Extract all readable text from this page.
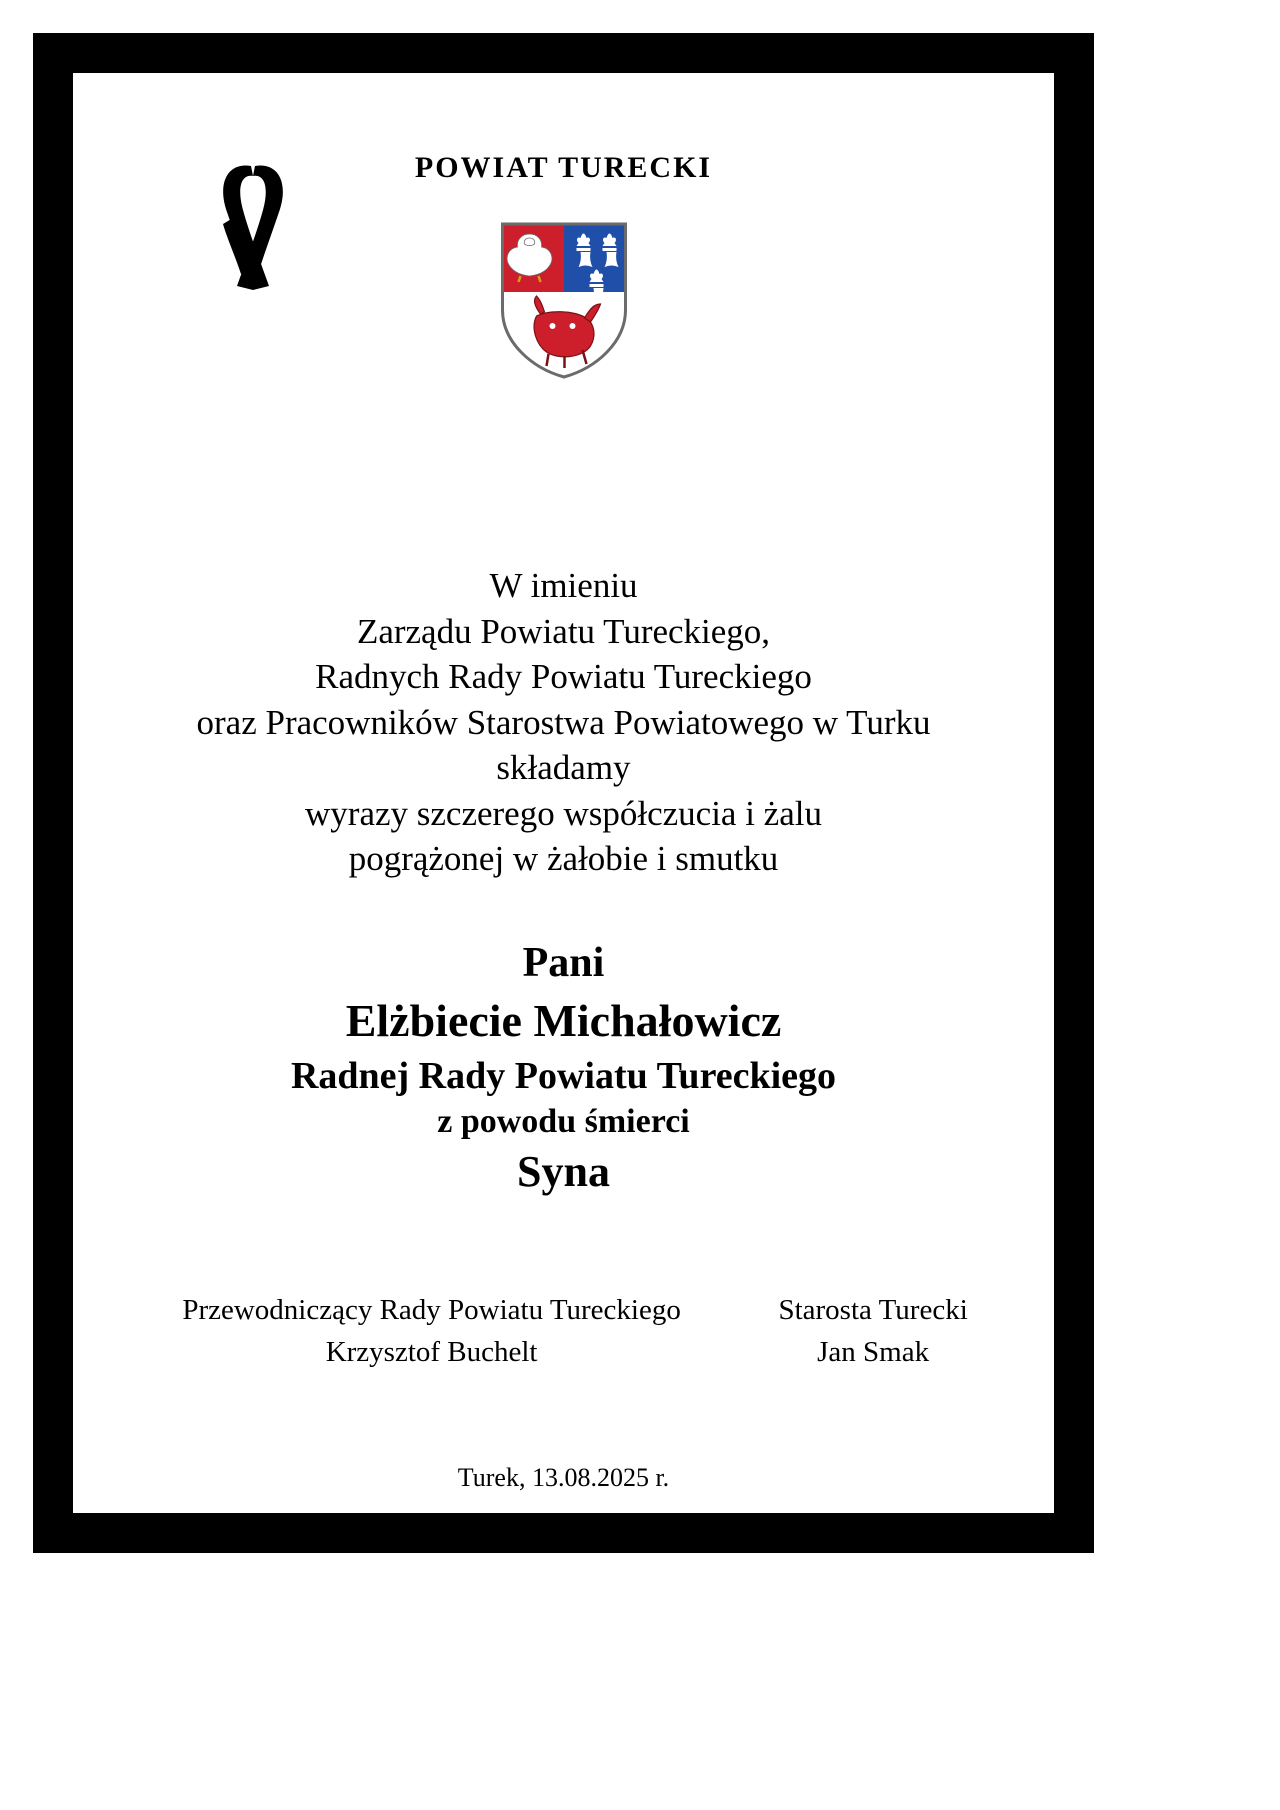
POWIAT TURECKI
W imieniu
Zarządu Powiatu Tureckiego,
Radnych Rady Powiatu Tureckiego
oraz Pracowników Starostwa Powiatowego w Turku
składamy
wyrazy szczerego współczucia i żalu
pogrążonej w żałobie i smutku
Pani
Elżbiecie Michałowicz
Radnej Rady Powiatu Tureckiego
z powodu śmierci
Syna
Przewodniczący Rady Powiatu Tureckiego
Krzysztof Buchelt
Starosta Turecki
Jan Smak
Turek, 13.08.2025 r.
